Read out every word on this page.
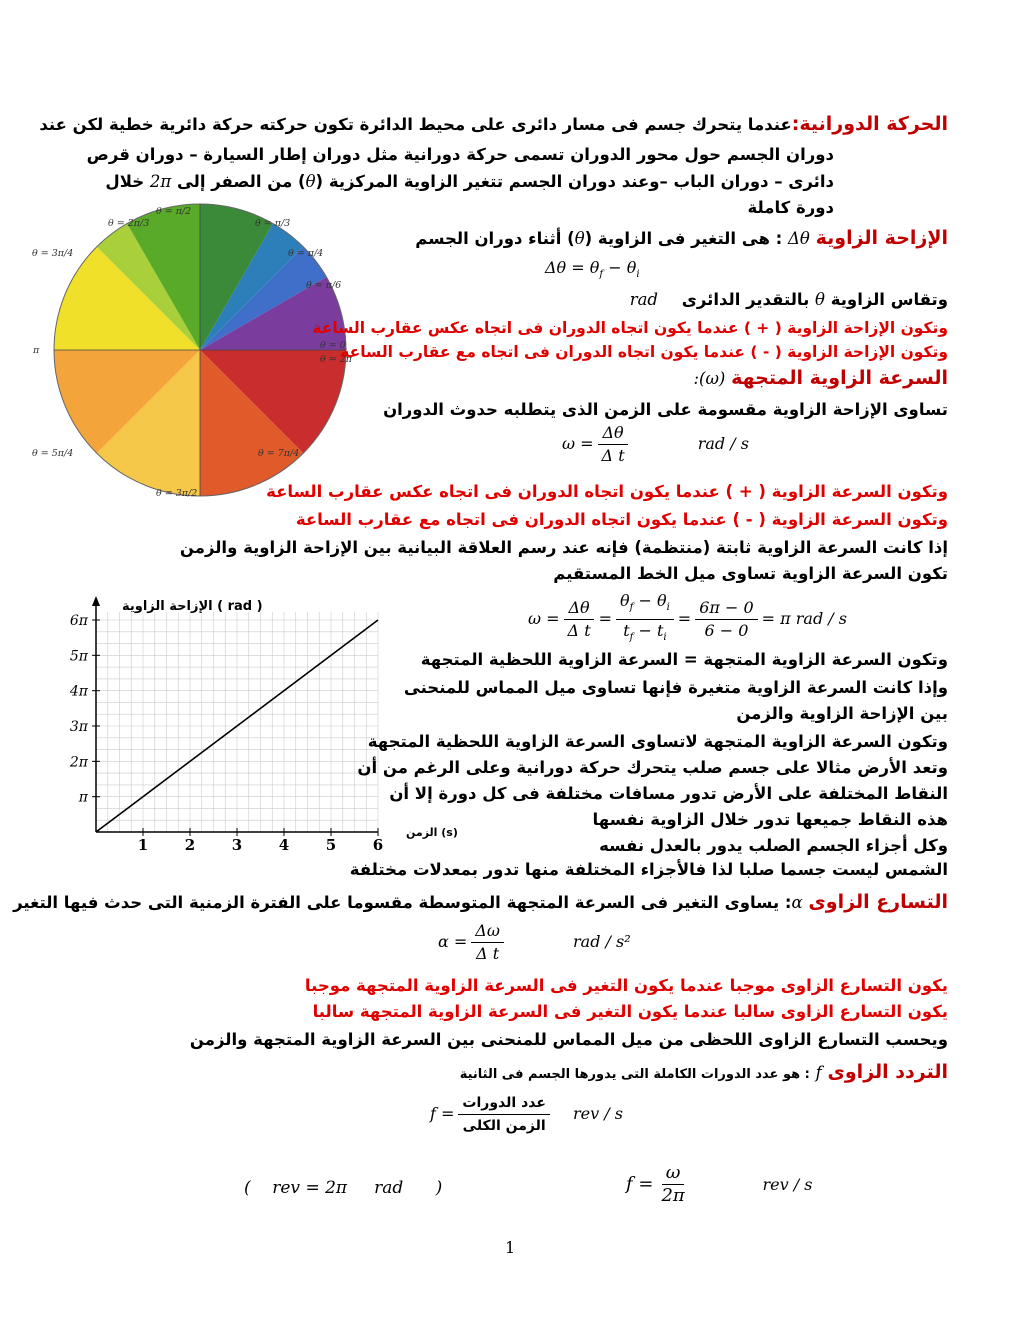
الحركة الدورانية:عندما يتحرك جسم فى مسار دائرى على محيط الدائرة تكون حركته حركة دائرية خطية لكن عند
دوران الجسم حول محور الدوران تسمى حركة دورانية مثل دوران إطار السيارة – دوران قرص
دائرى – دوران الباب –وعند دوران الجسم تتغير الزاوية المركزية (θ) من الصفر إلى 2π خلال
دورة كاملة
θ = π/2
θ = 2π/3	θ = π/3
θ = 3π/4	θ = π/4
θ = π/6
π	θ = 0
θ = 2π
θ = 5π/4	θ = 7π/4
θ = 3π/2
الإزاحة الزاوية Δθ : هى التغير فى الزاوية (θ) أثناء دوران الجسم
$\Delta\theta = \theta_f - \theta_i$
وتقاس الزاوية θ بالتقدير الدائرى rad
وتكون الإزاحة الزاوية ( + ) عندما يكون اتجاه الدوران فى اتجاه عكس عقارب الساعة
وتكون الإزاحة الزاوية ( - ) عندما يكون اتجاه الدوران فى اتجاه مع عقارب الساعة
السرعة الزاوية المتجهة (ω):
تساوى الإزاحة الزاوية مقسومة على الزمن الذى يتطلبه حدوث الدوران
$\omega = \frac{\Delta\theta}{\text{Δ t}}$	rad / s
وتكون السرعة الزاوية ( + ) عندما يكون اتجاه الدوران فى اتجاه عكس عقارب الساعة
وتكون السرعة الزاوية ( - ) عندما يكون اتجاه الدوران فى اتجاه مع عقارب الساعة
إذا كانت السرعة الزاوية ثابتة (منتظمة) فإنه عند رسم العلاقة البيانية بين الإزاحة الزاوية والزمن
تكون السرعة الزاوية تساوى ميل الخط المستقيم
$\omega = \frac{\Delta\theta}{\text{Δ t}} = \frac{\theta_f - \theta_i}{t_f - t_i} = \frac{6\pi - 0}{6 - 0} = \pi$ rad / s
1 2 3 4 5 6
π
2π
3π
4π
5π
6π
الإزاحة الزاوية ( rad )
الزمن (s)
وتكون السرعة الزاوية المتجهة = السرعة الزاوية اللحظية المتجهة
وإذا كانت السرعة الزاوية متغيرة فإنها تساوى ميل المماس للمنحنى
بين الإزاحة الزاوية والزمن
وتكون السرعة الزاوية المتجهة لاتساوى السرعة الزاوية اللحظية المتجهة
وتعد الأرض مثالا على جسم صلب يتحرك حركة دورانية وعلى الرغم من أن
النقاط المختلفة على الأرض تدور مسافات مختلفة فى كل دورة إلا أن
هذه النقاط جميعها تدور خلال الزاوية نفسها
وكل أجزاء الجسم الصلب يدور بالعدل نفسه
الشمس ليست جسما صلبا لذا فالأجزاء المختلفة منها تدور بمعدلات مختلفة
التسارع الزاوى α: يساوى التغير فى السرعة المتجهة المتوسطة مقسوما على الفترة الزمنية التى حدث فيها التغير
$\alpha = \frac{\Delta\omega}{\text{Δ t}}$	rad / s²
يكون التسارع الزاوى موجبا عندما يكون التغير فى السرعة الزاوية المتجهة موجبا
يكون التسارع الزاوى سالبا عندما يكون التغير فى السرعة الزاوية المتجهة سالبا
ويحسب التسارع الزاوى اللحظى من ميل المماس للمنحنى بين السرعة الزاوية المتجهة والزمن
التردد الزاوى f : هو عدد الدورات الكاملة التى يدورها الجسم فى الثانية
$f = \frac{\text{عدد الدورات}}{\text{الزمن الكلى}}$ rev / s
(    rev = 2π     rad      )	$f = \frac{\omega}{2\pi}$	rev / s
1
